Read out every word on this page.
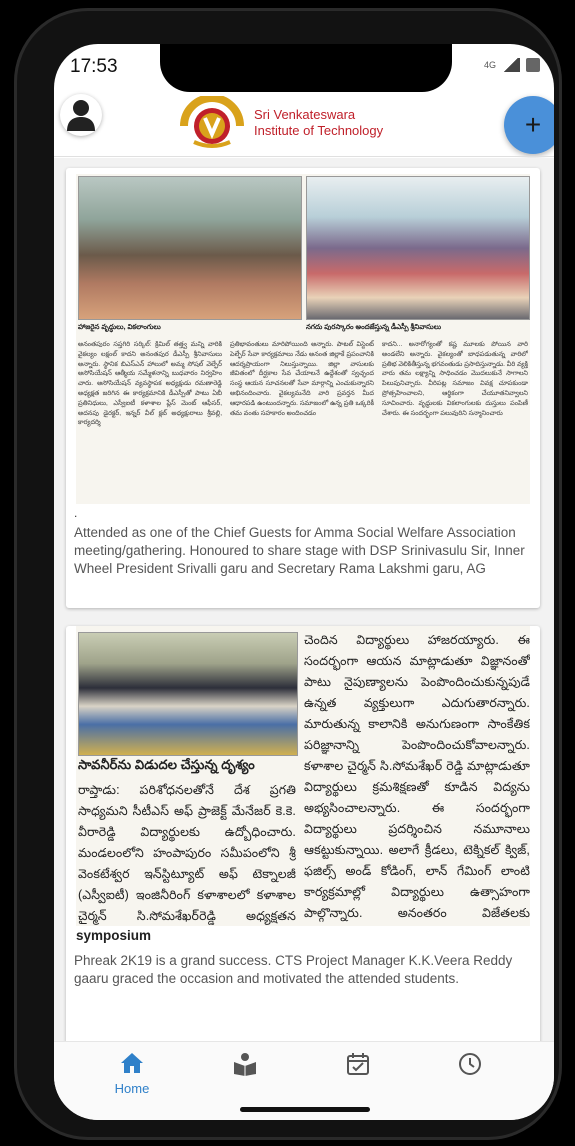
17:53	4G
Sri Venkateswara
Institute of Technology	+
హాజరైన వృద్ధులు, వికలాంగులు	నగదు పురస్కారం అందజేస్తున్న డీఎస్పీ శ్రీనివాసులు
అనంతపురం సప్తగిరి సర్కిల్‌: క్రిమిల్‌ తత్త్వ మన్ని వారికి వైకల్యం లక్షంల్‌ కాదని అనంతపుర డీఎస్పీ శ్రీనివాసులు అన్నారు. స్థానిక బిఎస్ఎన్ హాలులో అమ్మ సోషల్‌ వెల్ఫేర్‌ అసోసియేషన్‌ ఆత్మీయ సమ్మేళనాన్ని బుధవారం నిర్వహిం చారు. అసోసియేషన్‌ వ్యవస్థాపక అధ్యక్షుడు రమణారెడ్డి అధ్యక్షత జరిగిన ఈ కార్యక్రమానికి డీఎస్పీతో పాటు ఏబీ ప్రతినిధులు, ఎస్వీఐటీ కళాశాల ప్లేస్ మెంట్ ఆఫీసర్, అదనపు డైరక్టర్, ఇన్నర్ వీల్ క్లబ్ అధ్యక్షురాలు శ్రీవల్లి, కార్యదర్శి
ప్రతిభావంతులు మారిపోయింది అన్నారు. పాటల్ విస్టెంట్ పెల్ఫేర్ సేవా కార్యక్రమాలు నేడు అనంత జిల్లాకే ప్రపంచానికి ఆదర్శప్రాయంగా నిలుస్తున్నాయి. జిల్లా వాసులకు జీవితంలో దీర్ఘకాల సేవ చేయాలనే ఉద్దేశంతో స్వచ్ఛంద సంస్థ ఆయన సూచనలతో సేవా మార్గాన్ని ఎంచుకున్నారని అభినందించారు. వైకల్యమనేది వారి ప్రవర్తన మీద ఆధారపడి ఉంటుందన్నారు. సమాజంలో ఉన్న ప్రతి ఒక్కరికీ తమ వంతు సహకారం అందించడం
కాదని... అనారోగ్యంతో కష్ట మూలకు పోయిన వారి అండలేని అన్నారు. వైకల్యంతో బాధపడుతున్న వారిలో ప్రతిభ వెలికితీస్తున్న భగవంతుడు ప్రసాదిస్తున్నాడు. వీరి వ్యక్తి వారు తమ లక్ష్యాన్ని సాధించడం మొదలుకునే సాగాలని పిలుపునిచ్చారు. వీరిపట్ల సమాజం వివక్ష చూపకుండా ప్రోత్సహించాలని, ఆర్థికంగా చేయూతనివ్వాలని సూచించారు. వృద్ధులకు వికలాంగులకు దుస్తులు పంపిణీ చేశారు. ఈ సందర్భంగా పలువురిని సన్మానించారు
.
Attended as one of the Chief Guests for Amma Social Welfare Association meeting/gathering. Honoured to share stage with DSP Srinivasulu Sir, Inner Wheel President Srivalli garu and Secretary Rama Lakshmi garu, AG
సావనీర్‌ను విడుదల చేస్తున్న దృశ్యం
రాప్తాడు: పరిశోధనలతోనే దేశ ప్రగతి సాధ్యమని సీటీఎస్‌ అఫ్‌ ప్రాజెక్ట్‌ మేనేజర్‌ కె.కె. వీరారెడ్డి విద్యార్థులకు ఉద్బోధించారు. మండలంలోని హంపాపురం సమీపంలోని శ్రీ వెంకటేశ్వర ఇన్‌స్టిట్యూట్‌ అఫ్‌ టెక్నాలజీ (ఎస్వీఐటీ) ఇంజినీరింగ్‌ కళాశాలలో కళాశాల చైర్మన్‌ సి.సోమశేఖర్‌రెడ్డి అధ్యక్షతన
చెందిన విద్యార్థులు హాజరయ్యారు. ఈ సందర్భంగా ఆయన మాట్లాడుతూ విజ్ఞానంతో పాటు నైపుణ్యాలను పెంపొందించుకున్నపుడే ఉన్నత వ్యక్తులుగా ఎదుగుతారన్నారు. మారుతున్న కాలానికి అనుగుణంగా సాంకేతిక పరిజ్ఞానాన్ని పెంపొందించుకోవాలన్నారు. కళాశాల చైర్మన్‌ సి.సోమశేఖర్‌ రెడ్డి మాట్లాడుతూ విద్యార్థులు క్రమశిక్షణతో కూడిన విద్యను అభ్యసించాలన్నారు. ఈ సందర్భంగా విద్యార్థులు ప్రదర్శించిన నమూనాలు ఆకట్టుకున్నాయి. అలాగే క్రీడలు, టెక్నికల్‌ క్విజ్‌, ఫజిల్స్‌ అండ్‌ కోడింగ్‌, లాన్‌ గేమింగ్‌ లాంటి కార్యక్రమాల్లో విద్యార్థులు ఉత్సాహంగా పాల్గొన్నారు. అనంతరం విజేతలకు
symposium
Phreak 2K19 is a grand success. CTS Project Manager K.K.Veera Reddy gaaru graced the occasion and motivated the attended students.
Home
